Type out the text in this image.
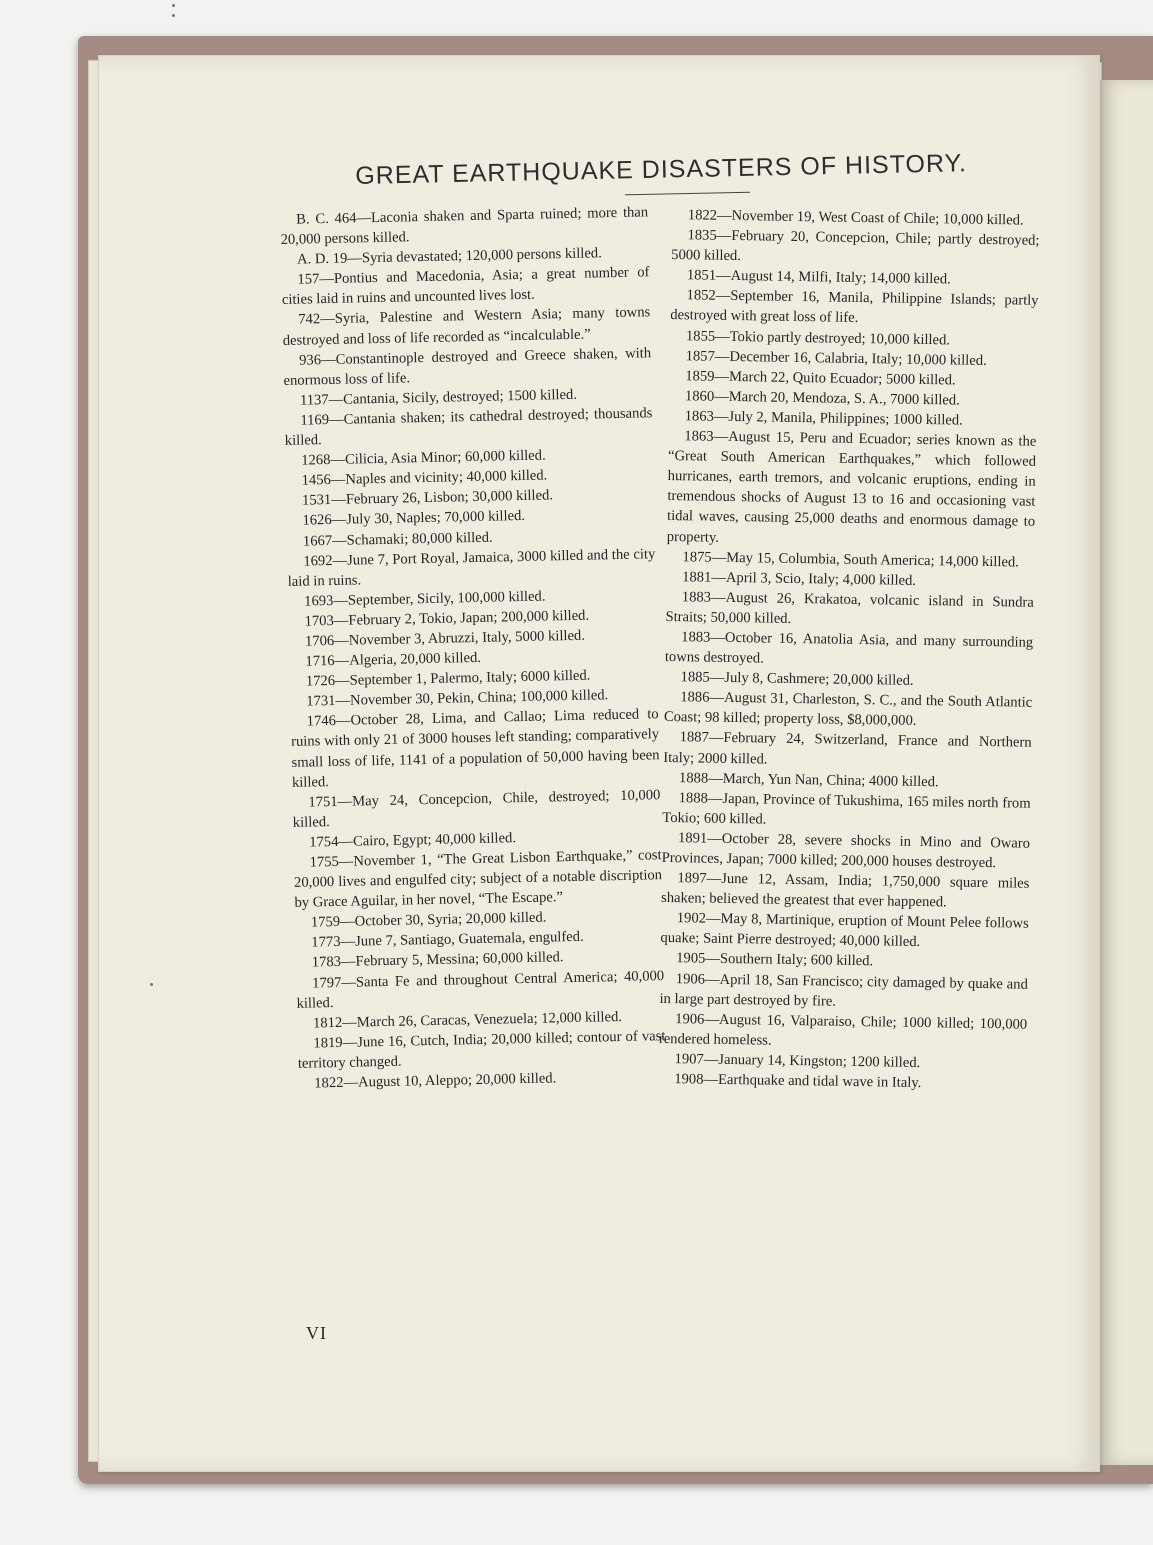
GREAT EARTHQUAKE DISASTERS OF HISTORY.

B. C. 464—Laconia shaken and Sparta ruined; more than 20,000 persons killed.

A. D. 19—Syria devastated; 120,000 persons killed.

157—Pontius and Macedonia, Asia; a great number of cities laid in ruins and uncounted lives lost.

742—Syria, Palestine and Western Asia; many towns destroyed and loss of life recorded as “incalculable.”

936—Constantinople destroyed and Greece shaken, with enormous loss of life.

1137—Cantania, Sicily, destroyed; 1500 killed.

1169—Cantania shaken; its cathedral destroyed; thousands killed.

1268—Cilicia, Asia Minor; 60,000 killed.

1456—Naples and vicinity; 40,000 killed.

1531—February 26, Lisbon; 30,000 killed.

1626—July 30, Naples; 70,000 killed.

1667—Schamaki; 80,000 killed.

1692—June 7, Port Royal, Jamaica, 3000 killed and the city laid in ruins.

1693—September, Sicily, 100,000 killed.

1703—February 2, Tokio, Japan; 200,000 killed.

1706—November 3, Abruzzi, Italy, 5000 killed.

1716—Algeria, 20,000 killed.

1726—September 1, Palermo, Italy; 6000 killed.

1731—November 30, Pekin, China; 100,000 killed.

1746—October 28, Lima, and Callao; Lima reduced to ruins with only 21 of 3000 houses left standing; comparatively small loss of life, 1141 of a population of 50,000 having been killed.

1751—May 24, Concepcion, Chile, destroyed; 10,000 killed.

1754—Cairo, Egypt; 40,000 killed.

1755—November 1, “The Great Lisbon Earthquake,” cost 20,000 lives and engulfed city; subject of a notable discription by Grace Aguilar, in her novel, “The Escape.”

1759—October 30, Syria; 20,000 killed.

1773—June 7, Santiago, Guatemala, engulfed.

1783—February 5, Messina; 60,000 killed.

1797—Santa Fe and throughout Central America; 40,000 killed.

1812—March 26, Caracas, Venezuela; 12,000 killed.

1819—June 16, Cutch, India; 20,000 killed; contour of vast territory changed.

1822—August 10, Aleppo; 20,000 killed.

1822—November 19, West Coast of Chile; 10,000 killed.

1835—February 20, Concepcion, Chile; partly destroyed; 5000 killed.

1851—August 14, Milfi, Italy; 14,000 killed.

1852—September 16, Manila, Philippine Islands; partly destroyed with great loss of life.

1855—Tokio partly destroyed; 10,000 killed.

1857—December 16, Calabria, Italy; 10,000 killed.

1859—March 22, Quito Ecuador; 5000 killed.

1860—March 20, Mendoza, S. A., 7000 killed.

1863—July 2, Manila, Philippines; 1000 killed.

1863—August 15, Peru and Ecuador; series known as the “Great South American Earthquakes,” which followed hurricanes, earth tremors, and volcanic eruptions, ending in tremendous shocks of August 13 to 16 and occasioning vast tidal waves, causing 25,000 deaths and enormous damage to property.

1875—May 15, Columbia, South America; 14,000 killed.

1881—April 3, Scio, Italy; 4,000 killed.

1883—August 26, Krakatoa, volcanic island in Sundra Straits; 50,000 killed.

1883—October 16, Anatolia Asia, and many surrounding towns destroyed.

1885—July 8, Cashmere; 20,000 killed.

1886—August 31, Charleston, S. C., and the South Atlantic Coast; 98 killed; property loss, $8,000,000.

1887—February 24, Switzerland, France and Northern Italy; 2000 killed.

1888—March, Yun Nan, China; 4000 killed.

1888—Japan, Province of Tukushima, 165 miles north from Tokio; 600 killed.

1891—October 28, severe shocks in Mino and Owaro Provinces, Japan; 7000 killed; 200,000 houses destroyed.

1897—June 12, Assam, India; 1,750,000 square miles shaken; believed the greatest that ever happened.

1902—May 8, Martinique, eruption of Mount Pelee follows quake; Saint Pierre destroyed; 40,000 killed.

1905—Southern Italy; 600 killed.

1906—April 18, San Francisco; city damaged by quake and in large part destroyed by fire.

1906—August 16, Valparaiso, Chile; 1000 killed; 100,000 rendered homeless.

1907—January 14, Kingston; 1200 killed.

1908—Earthquake and tidal wave in Italy.

VI
